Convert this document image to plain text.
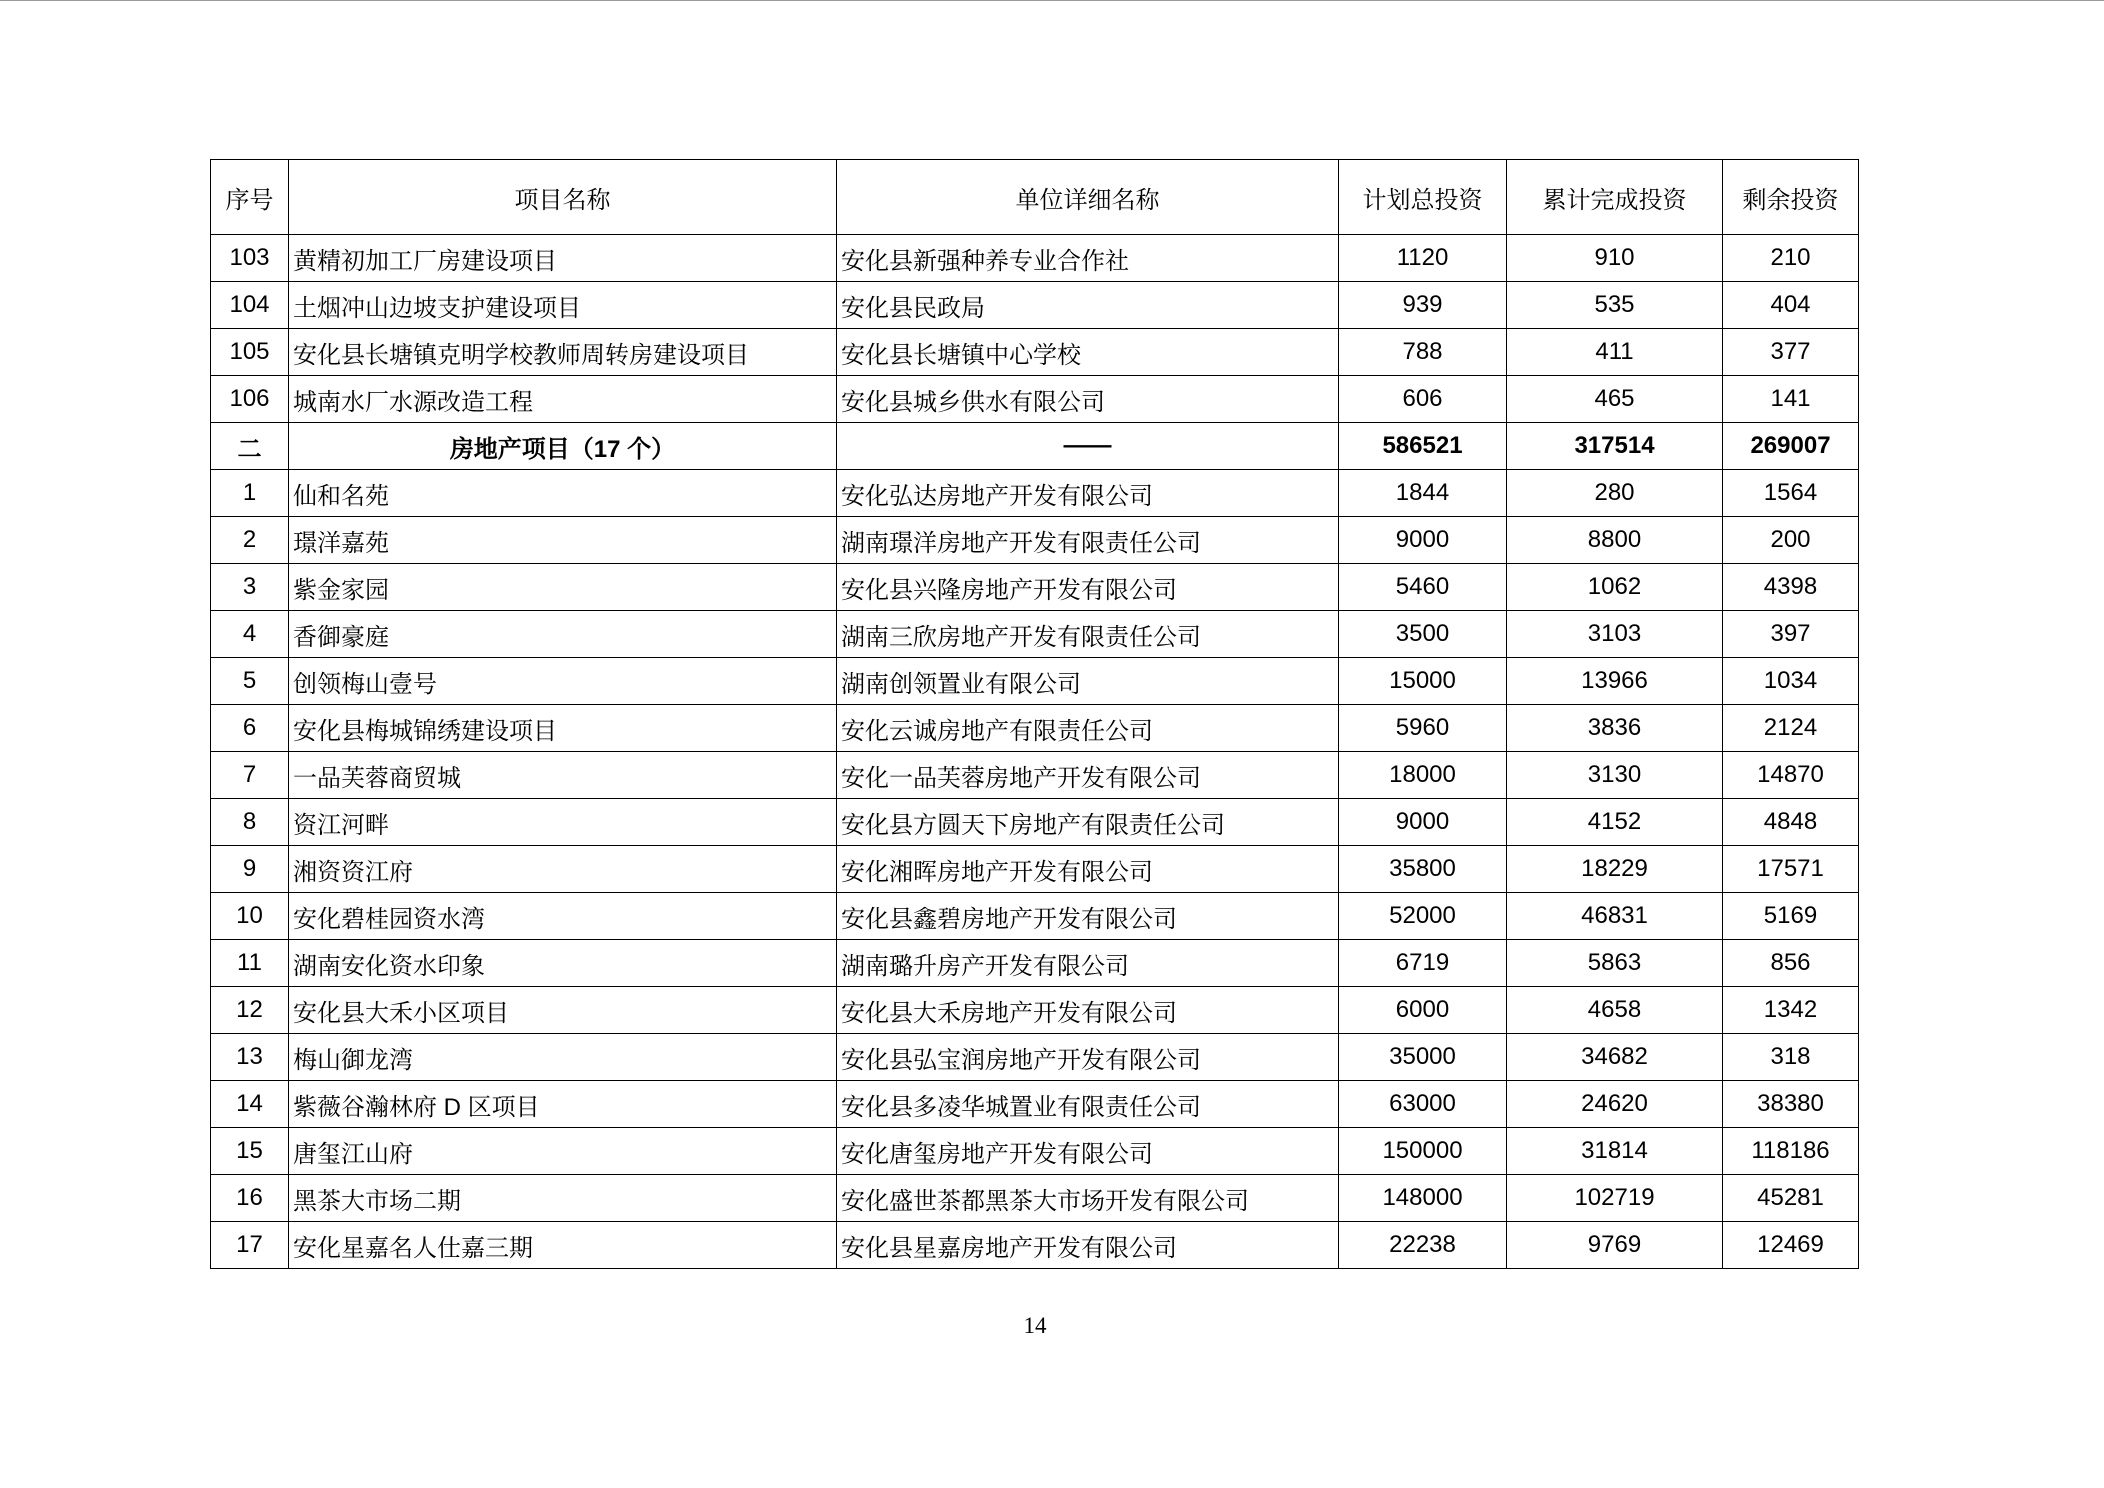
序号	项目名称	单位详细名称	计划总投资	累计完成投资	剩余投资
103	黄精初加工厂房建设项目	安化县新强种养专业合作社	1120	910	210
104	土烟冲山边坡支护建设项目	安化县民政局	939	535	404
105	安化县长塘镇克明学校教师周转房建设项目	安化县长塘镇中心学校	788	411	377
106	城南水厂水源改造工程	安化县城乡供水有限公司	606	465	141
二	房地产项目（17 个）	——	586521	317514	269007
1	仙和名苑	安化弘达房地产开发有限公司	1844	280	1564
2	璟洋嘉苑	湖南璟洋房地产开发有限责任公司	9000	8800	200
3	紫金家园	安化县兴隆房地产开发有限公司	5460	1062	4398
4	香御豪庭	湖南三欣房地产开发有限责任公司	3500	3103	397
5	创领梅山壹号	湖南创领置业有限公司	15000	13966	1034
6	安化县梅城锦绣建设项目	安化云诚房地产有限责任公司	5960	3836	2124
7	一品芙蓉商贸城	安化一品芙蓉房地产开发有限公司	18000	3130	14870
8	资江河畔	安化县方圆天下房地产有限责任公司	9000	4152	4848
9	湘资资江府	安化湘晖房地产开发有限公司	35800	18229	17571
10	安化碧桂园资水湾	安化县鑫碧房地产开发有限公司	52000	46831	5169
11	湖南安化资水印象	湖南璐升房产开发有限公司	6719	5863	856
12	安化县大禾小区项目	安化县大禾房地产开发有限公司	6000	4658	1342
13	梅山御龙湾	安化县弘宝润房地产开发有限公司	35000	34682	318
14	紫薇谷瀚林府 D 区项目	安化县多凌华城置业有限责任公司	63000	24620	38380
15	唐玺江山府	安化唐玺房地产开发有限公司	150000	31814	118186
16	黑茶大市场二期	安化盛世茶都黑茶大市场开发有限公司	148000	102719	45281
17	安化星嘉名人仕嘉三期	安化县星嘉房地产开发有限公司	22238	9769	12469
14
